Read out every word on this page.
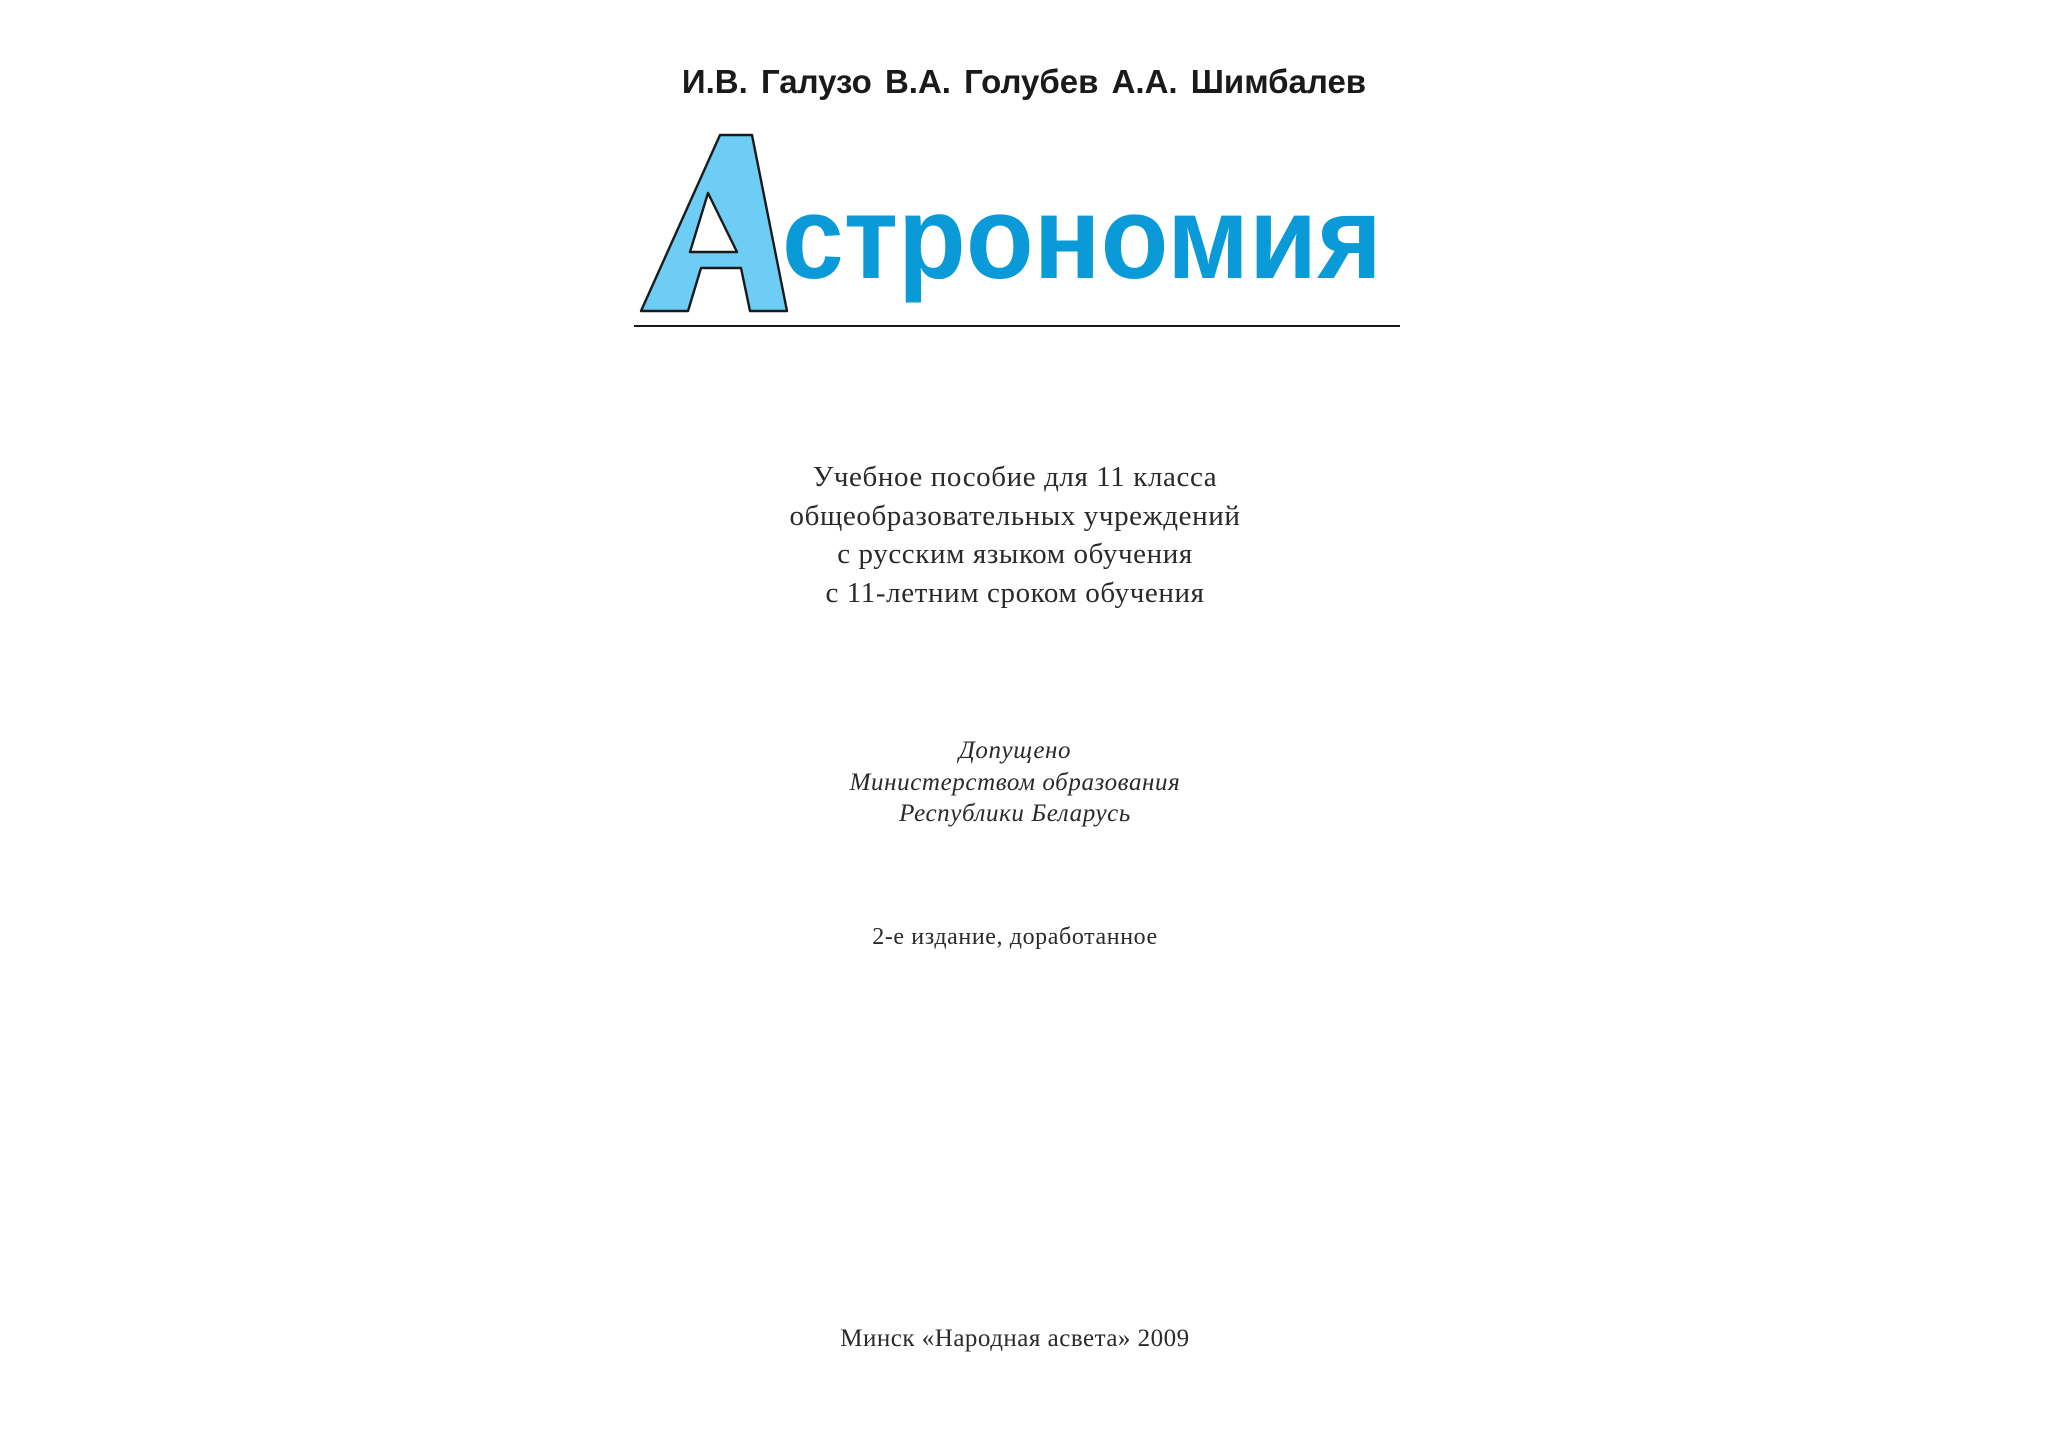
И.В. Галузо В.А. Голубев А.А. Шимбалев
строномия
Учебное пособие для 11 класса
общеобразовательных учреждений
с русским языком обучения
с 11-летним сроком обучения
Допущено
Министерством образования
Республики Беларусь
2-е издание, доработанное
Минск «Народная асвета» 2009
